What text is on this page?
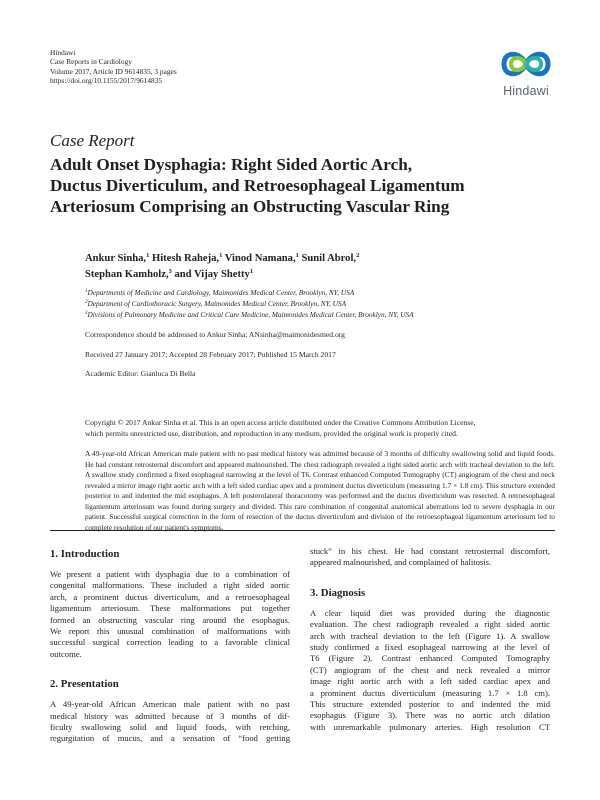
Hindawi
Case Reports in Cardiology
Volume 2017, Article ID 9614835, 3 pages
https://doi.org/10.1155/2017/9614835
Hindawi
Case Report
Adult Onset Dysphagia: Right Sided Aortic Arch,
Ductus Diverticulum, and Retroesophageal Ligamentum
Arteriosum Comprising an Obstructing Vascular Ring
Ankur Sinha,$^1$ Hitesh Raheja,$^1$ Vinod Namana,$^1$ Sunil Abrol,$^2$
Stephan Kamholz,$^3$ and Vijay Shetty$^1$
$^1$Departments of Medicine and Cardiology, Maimonides Medical Center, Brooklyn, NY, USA
$^2$Department of Cardiothoracic Surgery, Maimonides Medical Center, Brooklyn, NY, USA
$^3$Divisions of Pulmonary Medicine and Critical Care Medicine, Maimonides Medical Center, Brooklyn, NY, USA
Correspondence should be addressed to Ankur Sinha; ANsinha@maimonidesmed.org
Received 27 January 2017; Accepted 28 February 2017; Published 15 March 2017
Academic Editor: Gianluca Di Bella
Copyright © 2017 Ankur Sinha et al. This is an open access article distributed under the Creative Commons Attribution License,
which permits unrestricted use, distribution, and reproduction in any medium, provided the original work is properly cited.
A 49-year-old African American male patient with no past medical history was admitted because of 3 months of difficulty swallowing solid and liquid foods. He had constant retrosternal discomfort and appeared malnourished. The chest radiograph revealed a right sided aortic arch with tracheal deviation to the left. A swallow study confirmed a fixed esophageal narrowing at the level of T6. Contrast enhanced Computed Tomography (CT) angiogram of the chest and neck revealed a mirror image right aortic arch with a left sided cardiac apex and a prominent ductus diverticulum (measuring 1.7 × 1.8 cm). This structure extended posterior to and indented the mid esophagus. A left posterolateral thoracotomy was performed and the ductus diverticulum was resected. A retroesophageal ligamentum arteriosum was found during surgery and divided. This rare combination of congenital anatomical aberrations led to severe dysphagia in our patient. Successful surgical correction in the form of resection of the ductus diverticulum and division of the retroesophageal ligamentum arteriosum led to complete resolution of our patient's symptoms.
1. Introduction
We present a patient with dysphagia due to a combination of
congenital malformations. These included a right sided aortic
arch, a prominent ductus diverticulum, and a retroesophageal
ligamentum arteriosum. These malformations put together
formed an obstructing vascular ring around the esophagus.
We report this unusual combination of malformations with
successful surgical correction leading to a favorable clinical
outcome.
2. Presentation
A 49-year-old African American male patient with no past
medical history was admitted because of 3 months of dif-
ficulty swallowing solid and liquid foods, with retching,
regurgitation of mucus, and a sensation of “food getting
stuck” in his chest. He had constant retrosternal discomfort,
appeared malnourished, and complained of halitosis.
3. Diagnosis
A clear liquid diet was provided during the diagnostic
evaluation. The chest radiograph revealed a right sided aortic
arch with tracheal deviation to the left (Figure 1). A swallow
study confirmed a fixed esophageal narrowing at the level of
T6 (Figure 2). Contrast enhanced Computed Tomography
(CT) angiogram of the chest and neck revealed a mirror
image right aortic arch with a left sided cardiac apex and
a prominent ductus diverticulum (measuring 1.7 × 1.8 cm).
This structure extended posterior to and indented the mid
esophagus (Figure 3). There was no aortic arch dilation
with unremarkable pulmonary arteries. High resolution CT
